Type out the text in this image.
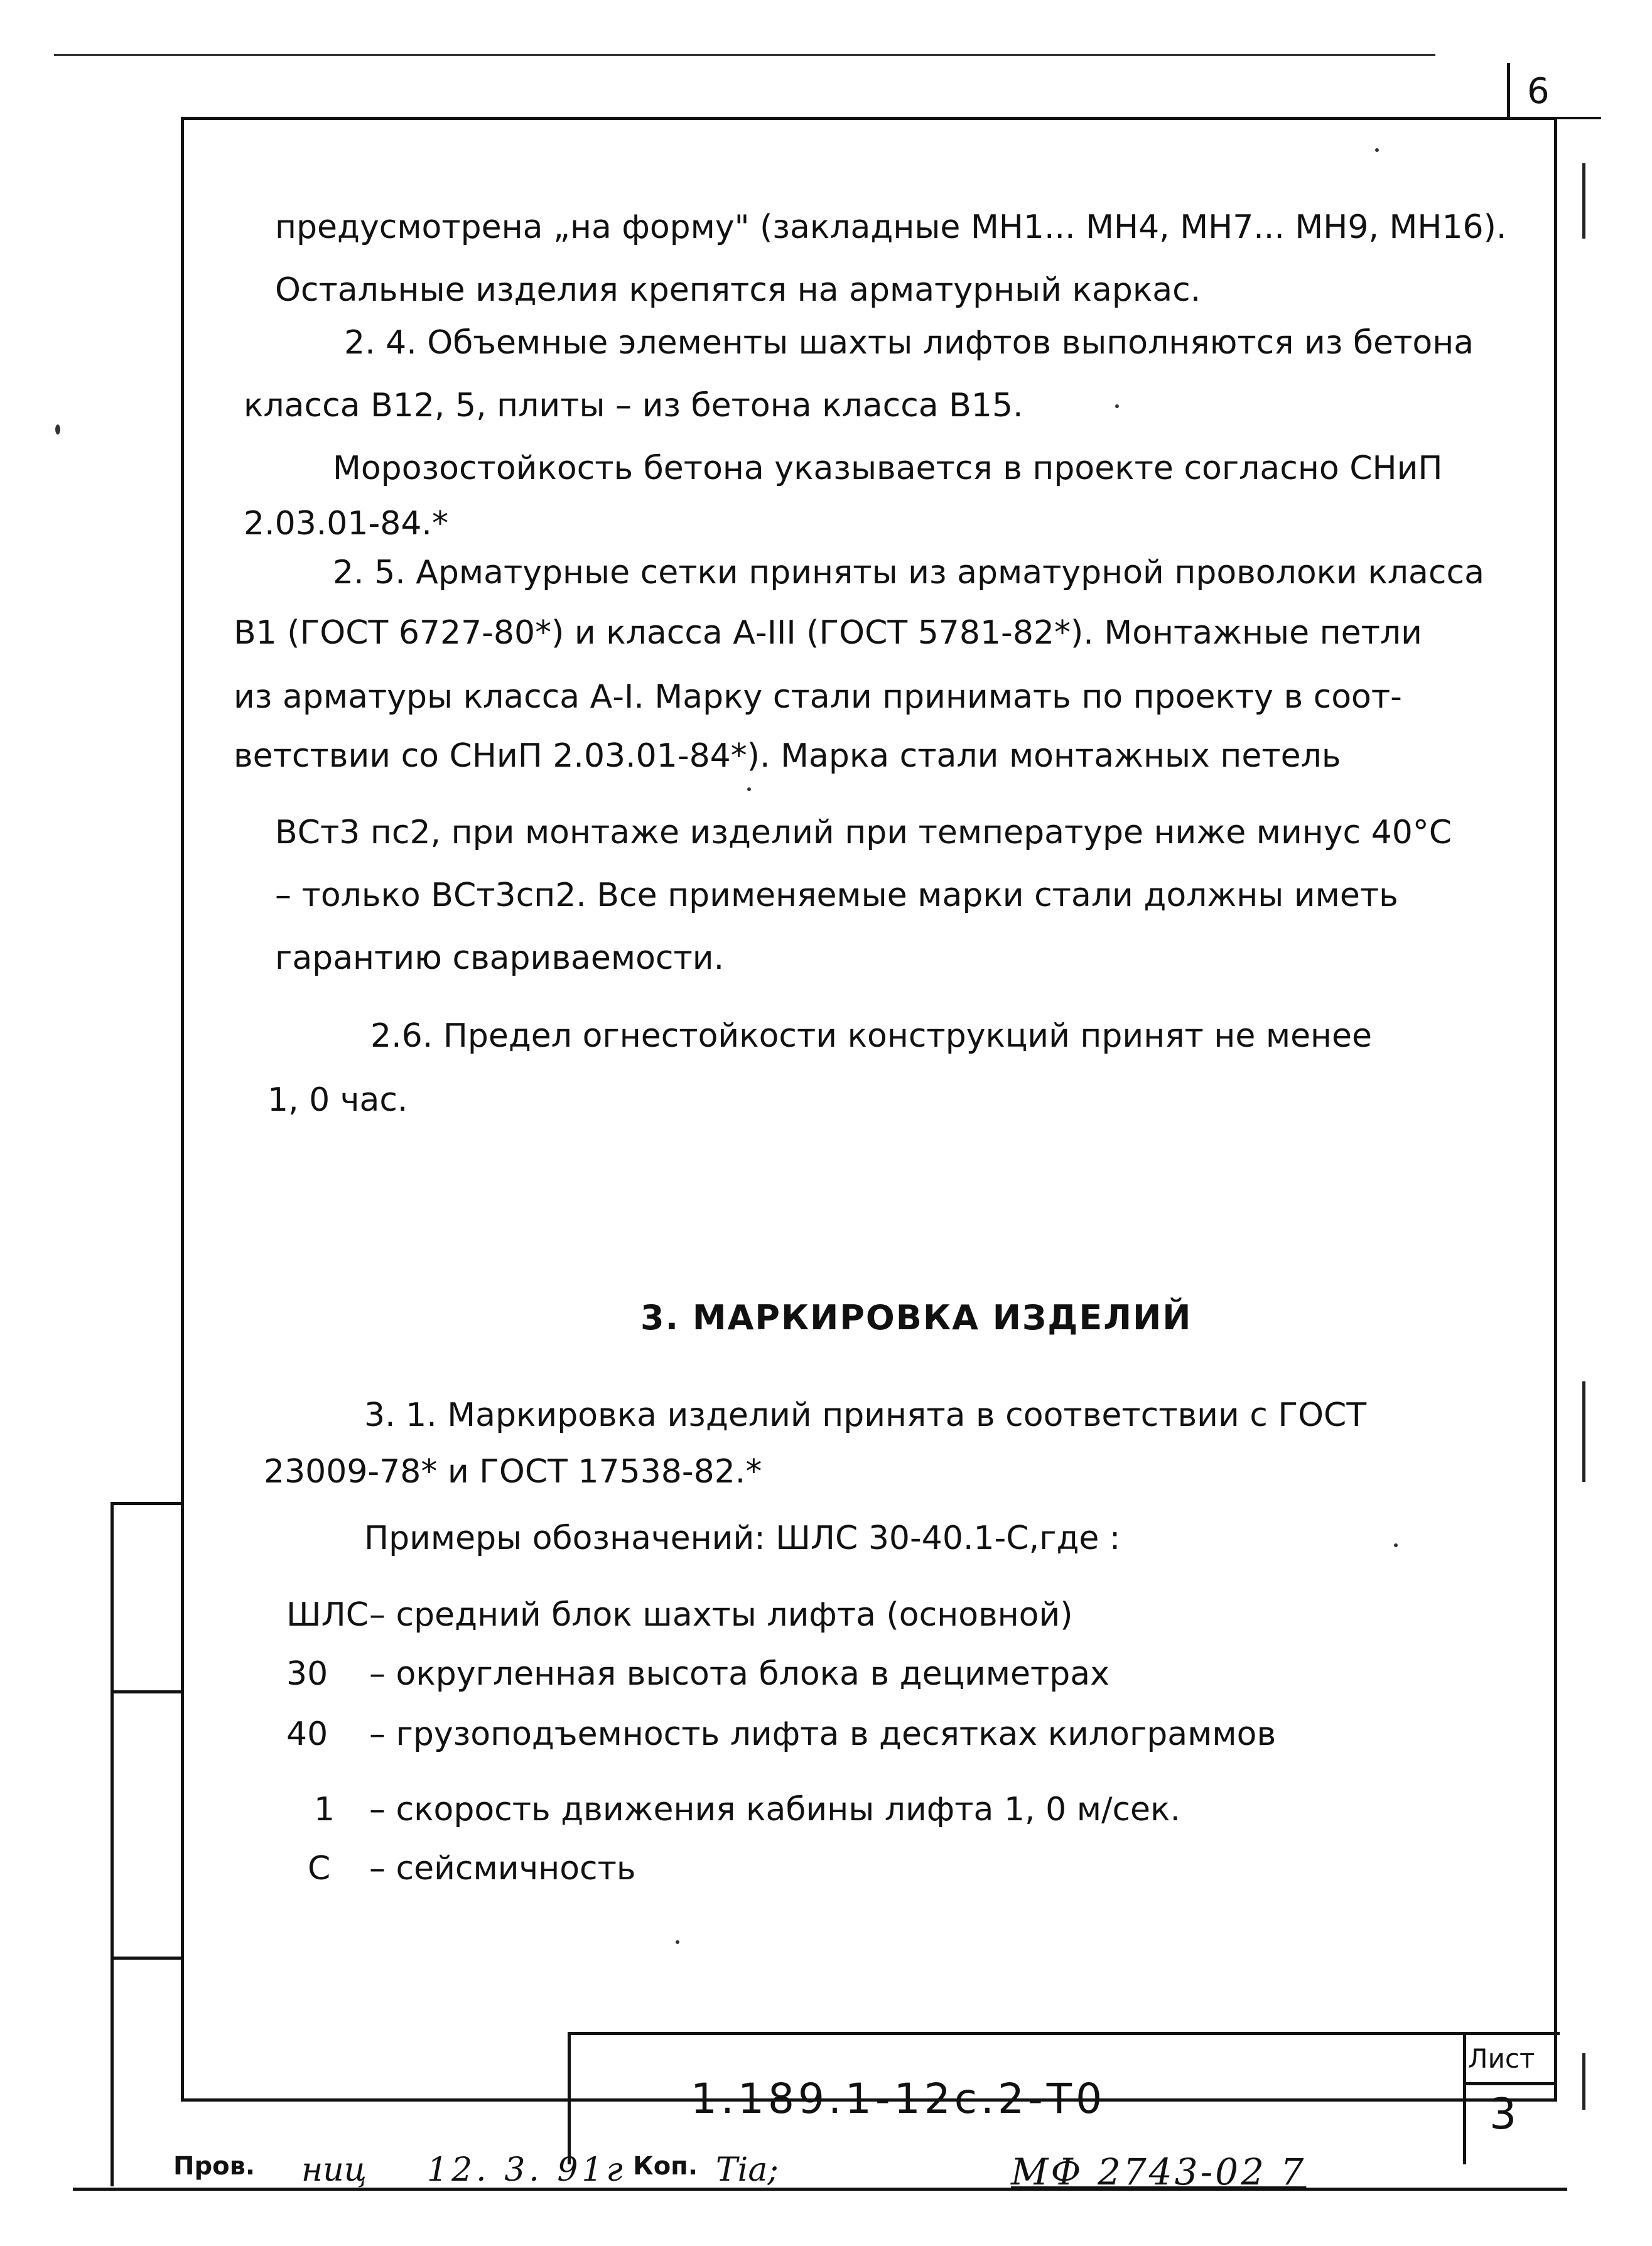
6
предусмотрена „на форму" (закладные МН1... МН4, МН7... МН9, МН16).
Остальные изделия крепятся на арматурный каркас.
2. 4. Объемные элементы шахты лифтов выполняются из бетона
класса В12, 5, плиты – из бетона класса В15.
Морозостойкость бетона указывается в проекте согласно СНиП
2.03.01-84.*
2. 5. Арматурные сетки приняты из арматурной проволоки класса
В1 (ГОСТ 6727-80*) и класса А-III (ГОСТ 5781-82*). Монтажные петли
из арматуры класса А-I. Марку стали принимать по проекту в соот-
ветствии со СНиП 2.03.01-84*). Марка стали монтажных петель
ВСт3 пс2, при монтаже изделий при температуре ниже минус 40°С
– только ВСт3сп2. Все применяемые марки стали должны иметь
гарантию свариваемости.
2.6. Предел огнестойкости конструкций принят не менее
1, 0 час.
3. МАРКИРОВКА ИЗДЕЛИЙ
3. 1. Маркировка изделий принята в соответствии с ГОСТ
23009-78* и ГОСТ 17538-82.*
Примеры обозначений: ШЛС 30-40.1-С,где :
ШЛС – средний блок шахты лифта (основной)
30 – округленная высота блока в дециметрах
40 – грузоподъемность лифта в десятках килограммов
1 – скорость движения кабины лифта 1, 0 м/сек.
С – сейсмичность
1.189.1-12с.2-Т0
Лист
3
Пров. ниц 12. 3. 91г Коп. Тiа;	МФ 2743-02 7
